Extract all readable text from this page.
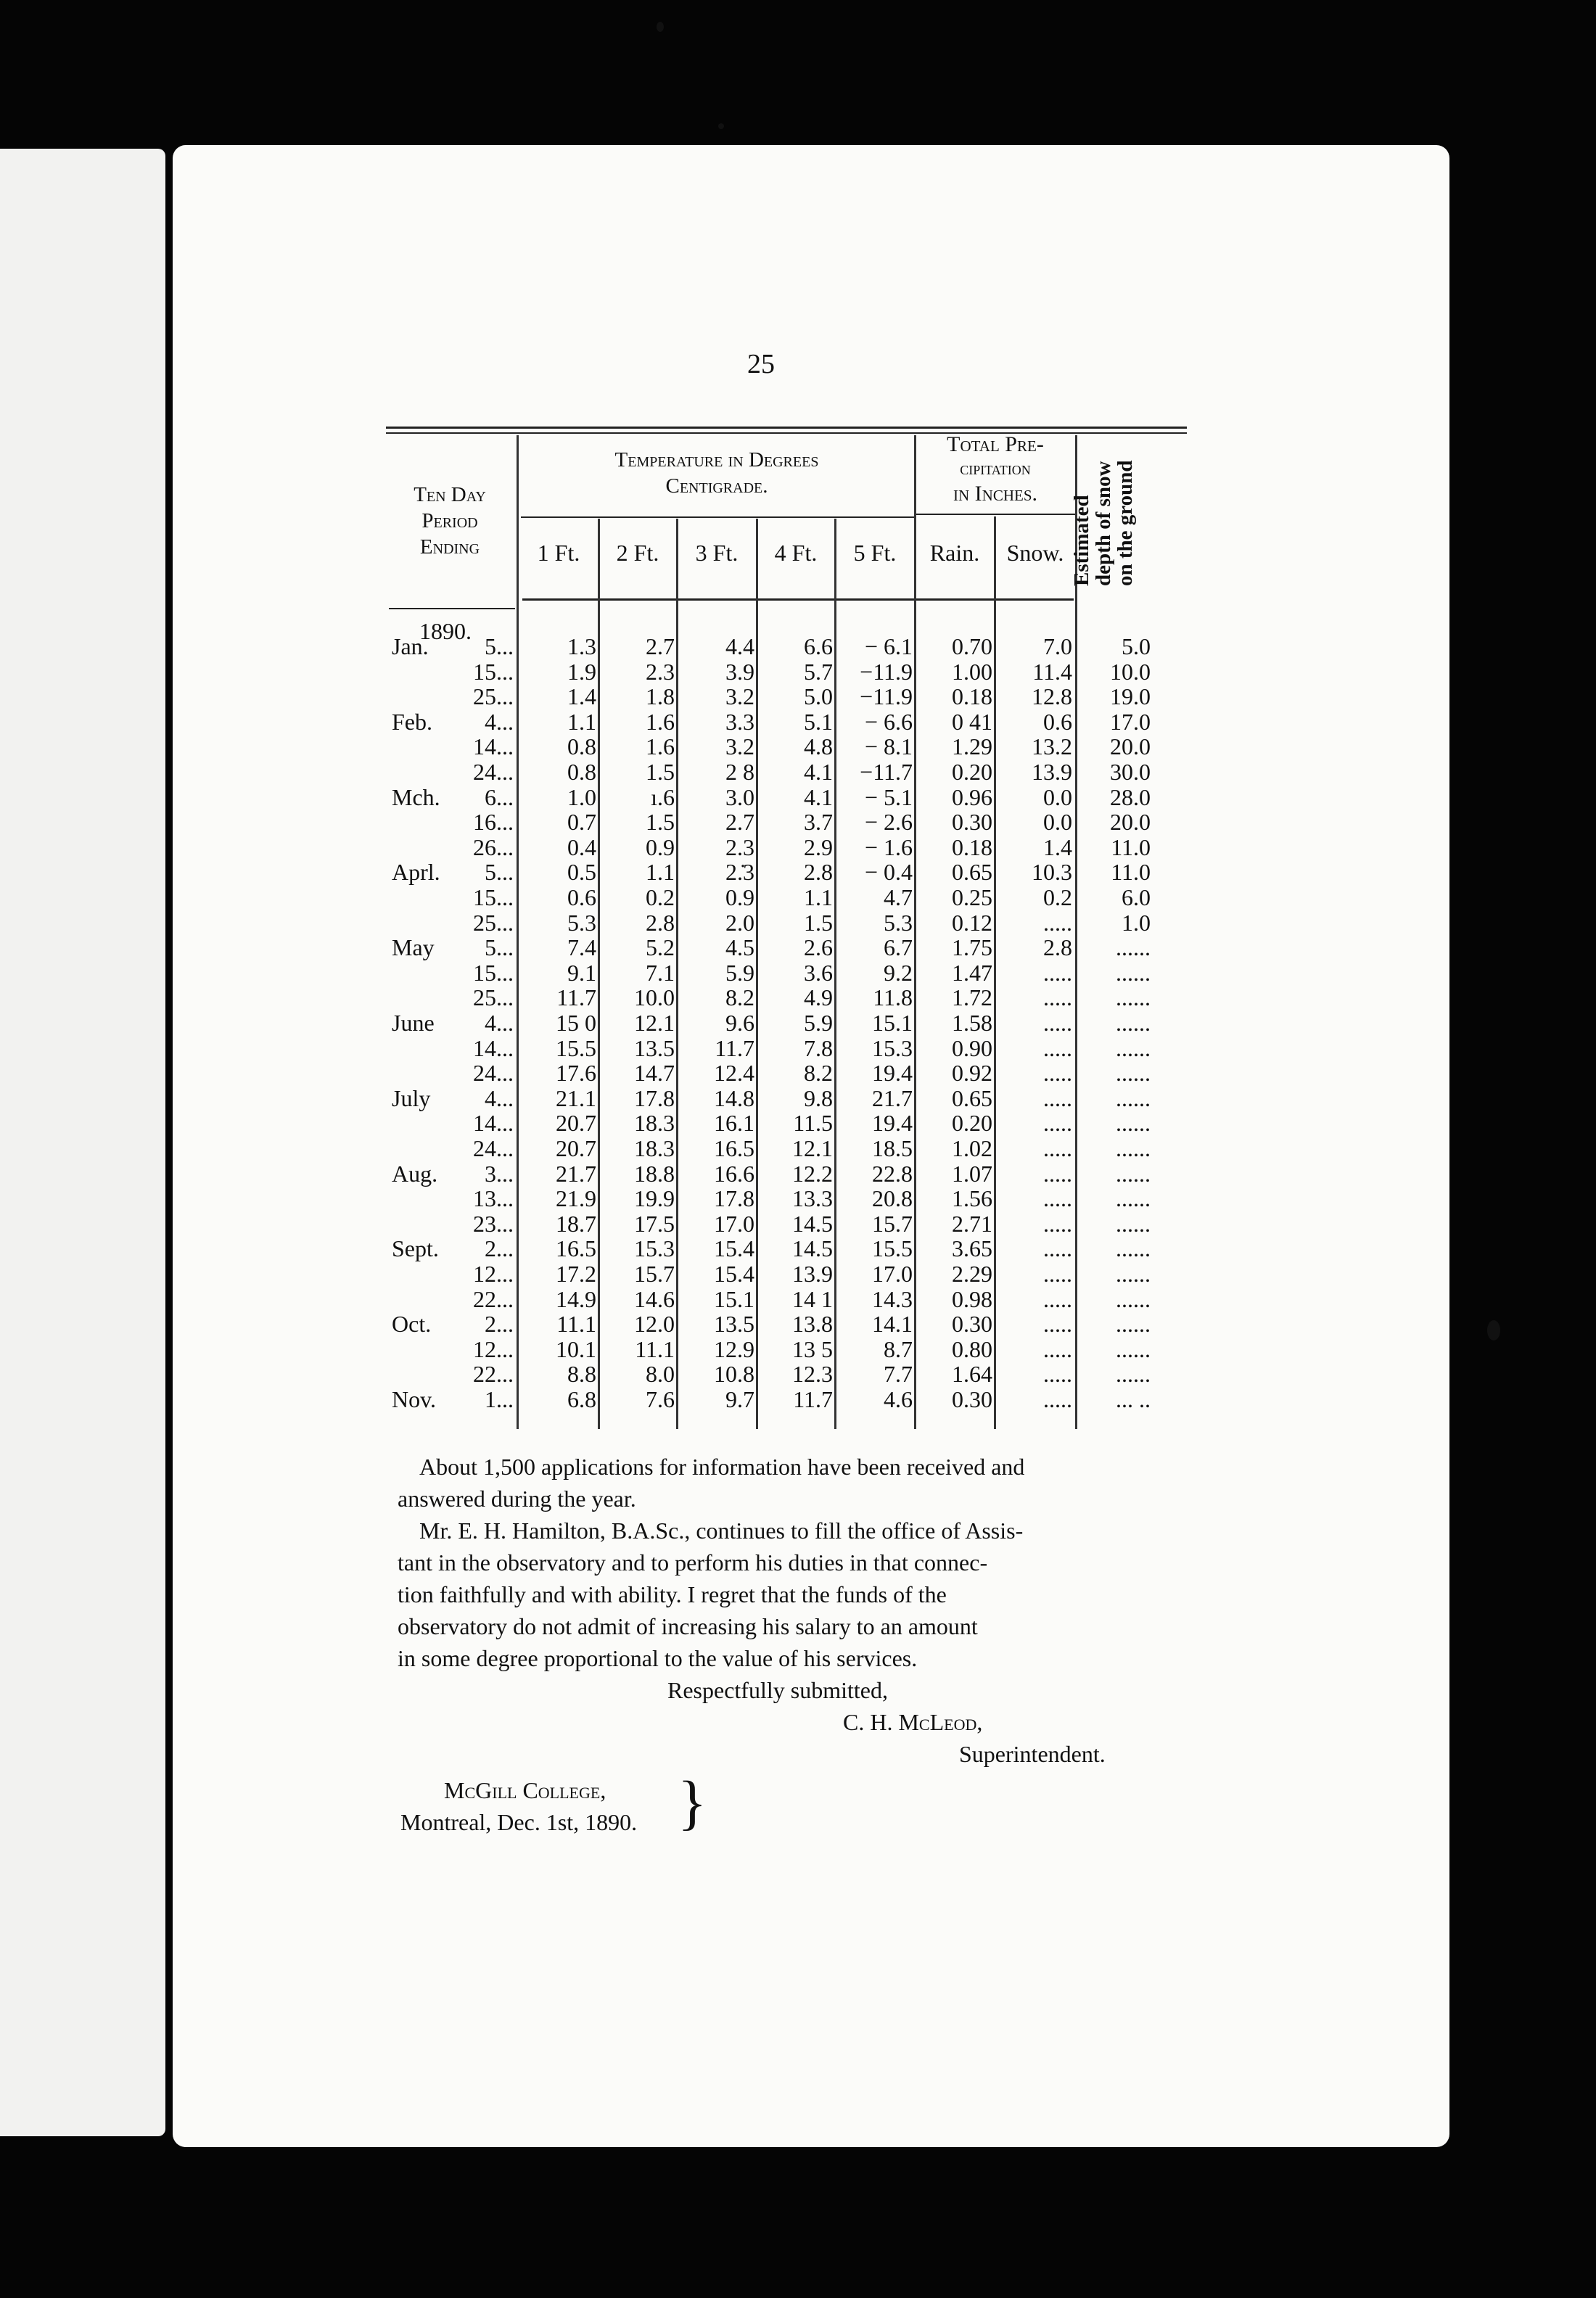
25
Ten Day
Period
Ending
Temperature in Degrees
Centigrade.
Total Pre-
cipitation
in Inches.
Estimated
depth of snow
on the ground
1 Ft.	2 Ft.	3 Ft.	4 Ft.	5 Ft.	Rain.	Snow.
1890.
Jan. 5... 1.3 2.7 4.4 6.6 − 6.1 0.70 7.0 5.0
15... 1.9 2.3 3.9 5.7 −11.9 1.00 11.4 10.0
25... 1.4 1.8 3.2 5.0 −11.9 0.18 12.8 19.0
Feb. 4... 1.1 1.6 3.3 5.1 − 6.6 0 41 0.6 17.0
14... 0.8 1.6 3.2 4.8 − 8.1 1.29 13.2 20.0
24... 0.8 1.5 2 8 4.1 −11.7 0.20 13.9 30.0
Mch. 6... 1.0 ı.6 3.0 4.1 − 5.1 0.96 0.0 28.0
16... 0.7 1.5 2.7 3.7 − 2.6 0.30 0.0 20.0
26... 0.4 0.9 2.3 2.9 − 1.6 0.18 1.4 11.0
Aprl. 5... 0.5 1.1 2.̇3 2.8 − 0.4 0.65 10.3 11.0
15... 0.6 0.2 0.9 1.1 4.7 0.25 0.2 6.0
25... 5.3 2.8 2.0 1.5 5.3 0.12 ..... 1.0
May 5... 7.4 5.2 4.5 2.6 6.7 1.75 2.8 ......
15... 9.1 7.1 5.9 3.6 9.2 1.47 ..... ......
25... 11.7 10.0 8.2 4.9 11.8 1.72 ..... ......
June 4... 15 0 12.1 9.6 5.9 15.1 1.58 ..... ......
14... 15.5 13.5 11.7 7.8 15.3 0.90 ..... ......
24... 17.6 14.7 12.4 8.2 19.4 0.92 ..... ......
July 4... 21.1 17.8 14.8 9.8 21.7 0.65 ..... ......
14... 20.7 18.3 16.1 11.5 19.4 0.20 ..... ......
24... 20.7 18.3 16.5 12.1 18.5 1.02 ..... ......
Aug. 3... 21.7 18.8 16.6 12.2 22.8 1.07 ..... ......
13... 21.9 19.9 17.8 13.3 20.8 1.56 ..... ......
23... 18.7 17.5 17.0 14.5 15.7 2.71 ..... ......
Sept. 2... 16.5 15.3 15.4 14.5 15.5 3.65 ..... ......
12... 17.2 15.7 15.4 13.9 17.0 2.29 ..... ......
22... 14.9 14.6 15.1 14 1 14.3 0.98 ..... ......
Oct. 2... 11.1 12.0 13.5 13.8 14.1 0.30 ..... ......
12... 10.1 11.1 12.9 13 5 8.7 0.80 ..... ......
22... 8.8 8.0 10.8 12.3 7.7 1.64 ..... ......
Nov. 1... 6.8 7.6 9.7 11.7 4.6 0.30 ..... ... ..
About 1,500 applications for information have been received and
answered during the year.
Mr. E. H. Hamilton, B.A.Sc., continues to fill the office of Assis-
tant in the observatory and to perform his duties in that connec-
tion faithfully and with ability. I regret that the funds of the
observatory do not admit of increasing his salary to an amount
in some degree proportional to the value of his services.
Respectfully submitted,
C. H. McLeod,
Superintendent.
McGill College,
Montreal, Dec. 1st, 1890. }
